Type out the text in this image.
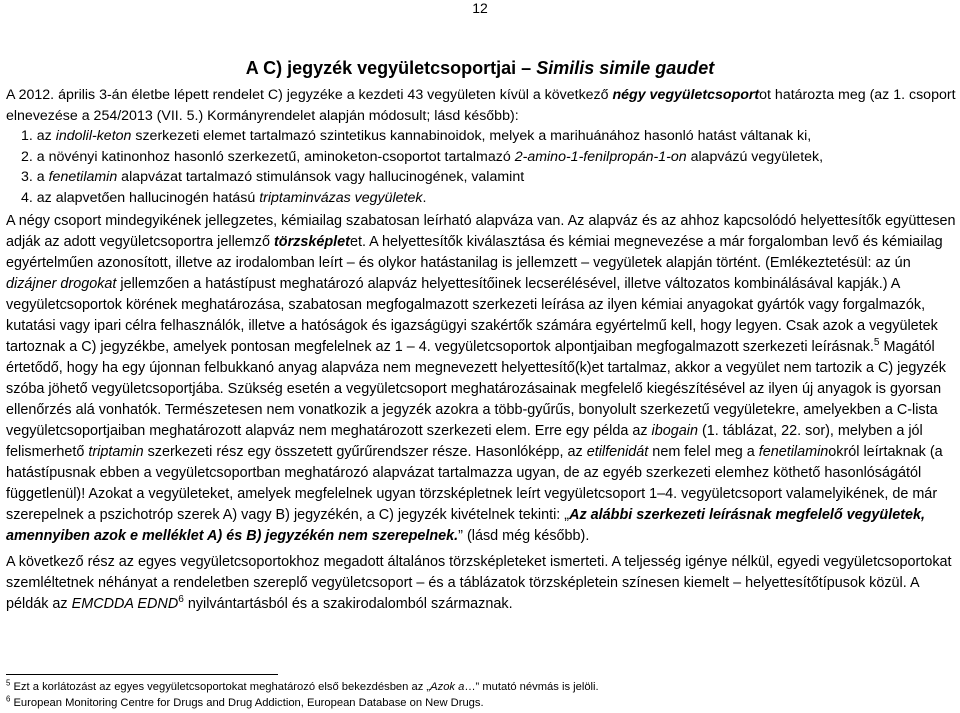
12
A C) jegyzék vegyületcsoportjai – Similis simile gaudet

A 2012. április 3-án életbe lépett rendelet C) jegyzéke a kezdeti 43 vegyületen kívül a következő négy vegyületcsoportot határozta meg (az 1. csoport elnevezése a 254/2013 (VII. 5.) Kormányrendelet alapján módosult; lásd később):

1. az indolil-keton szerkezeti elemet tartalmazó szintetikus kannabinoidok, melyek a marihuánához hasonló hatást váltanak ki,
2. a növényi katinonhoz hasonló szerkezetű, aminoketon-csoportot tartalmazó 2-amino-1-fenilpropán-1-on alapvázú vegyületek,
3. a fenetilamin alapvázat tartalmazó stimulánsok vagy hallucinogének, valamint
4. az alapvetően hallucinogén hatású triptaminvázas vegyületek.

A négy csoport mindegyikének jellegzetes, kémiailag szabatosan leírható alapváza van. Az alapváz és az ahhoz kapcsolódó helyettesítők együttesen adják az adott vegyületcsoportra jellemző törzsképletet. A helyettesítők kiválasztása és kémiai megnevezése a már forgalomban levő és kémiailag egyértelműen azonosított, illetve az irodalomban leírt – és olykor hatástanilag is jellemzett – vegyületek alapján történt. (Emlékeztetésül: az ún dizájner drogokat jellemzően a hatástípust meghatározó alapváz helyettesítőinek lecserélésével, illetve változatos kombinálásával kapják.) A vegyületcsoportok körének meghatározása, szabatosan megfogalmazott szerkezeti leírása az ilyen kémiai anyagokat gyártók vagy forgalmazók, kutatási vagy ipari célra felhasználók, illetve a hatóságok és igazságügyi szakértők számára egyértelmű kell, hogy legyen. Csak azok a vegyületek tartoznak a C) jegyzékbe, amelyek pontosan megfelelnek az 1 – 4. vegyületcsoportok alpontjaiban megfogalmazott szerkezeti leírásnak.$^5$ Magától értetődő, hogy ha egy újonnan felbukkanó anyag alapváza nem megnevezett helyettesítő(k)et tartalmaz, akkor a vegyület nem tartozik a C) jegyzék szóba jöhető vegyületcsoportjába. Szükség esetén a vegyületcsoport meghatározásainak megfelelő kiegészítésével az ilyen új anyagok is gyorsan ellenőrzés alá vonhatók. Természetesen nem vonatkozik a jegyzék azokra a több-gyűrűs, bonyolult szerkezetű vegyületekre, amelyekben a C-lista vegyületcsoportjaiban meghatározott alapváz nem meghatározott szerkezeti elem. Erre egy példa az ibogain (1. táblázat, 22. sor), melyben a jól felismerhető triptamin szerkezeti rész egy összetett gyűrűrendszer része. Hasonlóképp, az etilfenidát nem felel meg a fenetilaminokról leírtaknak (a hatástípusnak ebben a vegyületcsoportban meghatározó alapvázat tartalmazza ugyan, de az egyéb szerkezeti elemhez köthető hasonlóságától függetlenül)! Azokat a vegyületeket, amelyek megfelelnek ugyan törzsképletnek leírt vegyületcsoport 1–4. vegyületcsoport valamelyikének, de már szerepelnek a pszichotróp szerek A) vagy B) jegyzékén, a C) jegyzék kivételnek tekinti: „Az alábbi szerkezeti leírásnak megfelelő vegyületek, amennyiben azok e melléklet A) és B) jegyzékén nem szerepelnek.” (lásd még később).

A következő rész az egyes vegyületcsoportokhoz megadott általános törzsképleteket ismerteti. A teljesség igénye nélkül, egyedi vegyületcsoportokat szemléltetnek néhányat a rendeletben szereplő vegyületcsoport – és a táblázatok törzsképletein színesen kiemelt – helyettesítőtípusok közül. A példák az EMCDDA EDND$^6$ nyilvántartásból és a szakirodalomból származnak.

$^5$ Ezt a korlátozást az egyes vegyületcsoportokat meghatározó első bekezdésben az „Azok a…” mutató névmás is jelöli.

$^6$ European Monitoring Centre for Drugs and Drug Addiction, European Database on New Drugs.
